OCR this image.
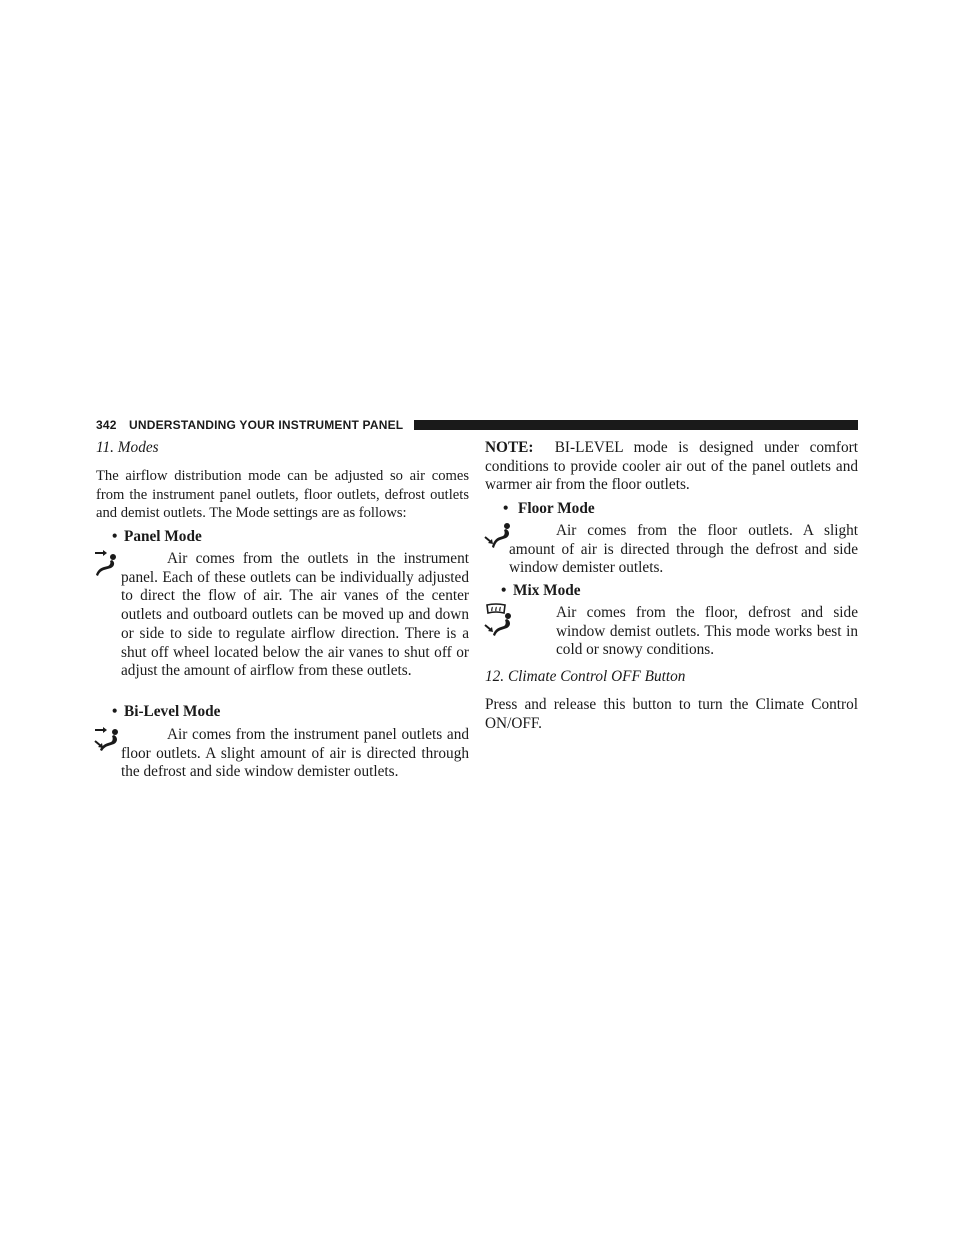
342 UNDERSTANDING YOUR INSTRUMENT PANEL

11. Modes

The airflow distribution mode can be adjusted so air comes from the instrument panel outlets, floor outlets, defrost outlets and demist outlets. The Mode settings are as follows:

• Panel Mode

Air comes from the outlets in the instrument panel. Each of these outlets can be individually adjusted to direct the flow of air. The air vanes of the center outlets and outboard outlets can be moved up and down or side to side to regulate airflow direction. There is a shut off wheel located below the air vanes to shut off or adjust the amount of airflow from these outlets.

• Bi-Level Mode

Air comes from the instrument panel outlets and floor outlets. A slight amount of air is directed through the defrost and side window demister outlets.

NOTE: BI-LEVEL mode is designed under comfort conditions to provide cooler air out of the panel outlets and warmer air from the floor outlets.

• Floor Mode

Air comes from the floor outlets. A slight amount of air is directed through the defrost and side window demister outlets.

• Mix Mode

Air comes from the floor, defrost and side window demist outlets. This mode works best in cold or snowy conditions.

12. Climate Control OFF Button

Press and release this button to turn the Climate Control ON/OFF.
